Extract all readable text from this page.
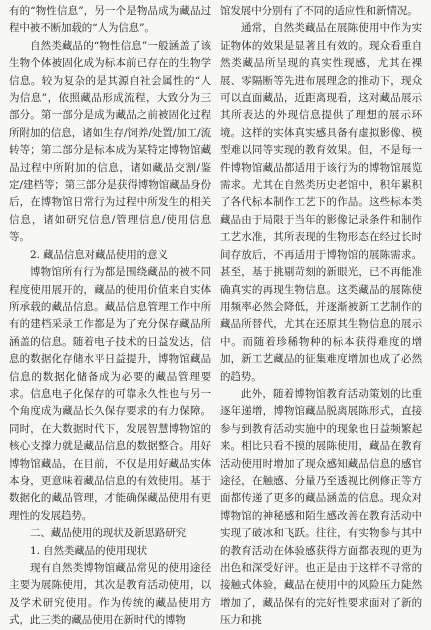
有的“物性信息”，另一个是物品成为藏品过程中被不断加载的“人为信息”。

自然类藏品的“物性信息”一般涵盖了该生物个体被固化成为标本前已存在的生物学信息。较为复杂的是其源自社会属性的“人为信息”，依照藏品形成流程，大致分为三部分。第一部分是成为藏品之前被固化过程所附加的信息，诸如生存/饲养/处置/加工/流转等；第二部分是标本成为某特定博物馆藏品过程中所附加的信息，诸如藏品交割/鉴定/建档等；第三部分是获得博物馆藏品身份后，在博物馆日常行为过程中所发生的相关信息，诸如研究信息/管理信息/使用信息等。

2. 藏品信息对藏品使用的意义

博物馆所有行为都是围绕藏品的被不同程度使用展开的，藏品的使用价值来自实体所承载的藏品信息。藏品信息管理工作中所有的建档采录工作都是为了充分保存藏品所涵盖的信息。随着电子技术的日益发达，信息的数据化存储水平日益提升，博物馆藏品信息的数据化储备成为必要的藏品管理要求。信息电子化保存的可靠永久性也与另一个角度成为藏品长久保存要求的有力保障。同时，在大数据时代下，发展智慧博物馆的核心支撑力就是藏品信息的数据整合。用好博物馆藏品，在目前，不仅是用好藏品实体本身，更意味着藏品信息的有效使用。基于数据化的藏品管理，才能确保藏品使用有更理性的发展趋势。

二、藏品使用的现状及新思路研究

1. 自然类藏品的使用现状

现有自然类博物馆藏品常见的使用途径主要为展陈使用，其次是教育活动使用，以及学术研究使用。作为传统的藏品使用方式，此三类的藏品使用在新时代的博物

馆发展中分别有了不同的适应性和新情况。

通常，自然类藏品在展陈使用中作为实证物体的效果是显著且有效的。现众看重自然类藏品所呈现的真实性现感，尤其在裸展、零隔断等先进布展理念的推动下，现众可以直面藏品，近距离现看，这对藏品展示其所表达的外现信息提供了理想的展示环境。这样的实体真实感具备有虚拟影像、模型难以同等实现的教育效果。但，不是每一件博物馆藏品都适用于该行为的博物馆展览需求。尤其在自然类历史老馆中，积年累积了各代标本制作工艺下的作品。这些标本类藏品由于局限于当年的影像记录条件和制作工艺水准，其所表现的生物形态在经过长时间存放后，不再适用于博物馆的展陈需求。甚至，基于挑剔苛刻的新眼光，已不再能准确真实的再现生物信息。这类藏品的展陈使用频率必然会降低，并逐渐被新工艺制作的藏品所替代，尤其在还原其生物信息的展示中。而随着珍稀物种的标本获得难度的增加，新工艺藏品的征集难度增加也成了必然的趋势。

此外，随着博物馆教育活动策划的比重逐年递增，博物馆藏品脱离展陈形式，直接参与到教育活动实施中的现象也日益频繁起来。相比只看不摸的展陈使用，藏品在教育活动使用时增加了现众感知藏品信息的感官途径，在触感、分量乃至透视比例修正等方面都传递了更多的藏品涵盖的信息。现众对博物馆的神秘感和陌生感改善在教育活动中实现了破冰和飞跃。往往，有实物参与其中的教育活动在体验感获得方面都表现的更为出色和深受好评。也正是由于这样不寻常的接触式体验，藏品在使用中的风险压力陡然增加了，藏品保有的完好性要求面对了新的压力和挑
